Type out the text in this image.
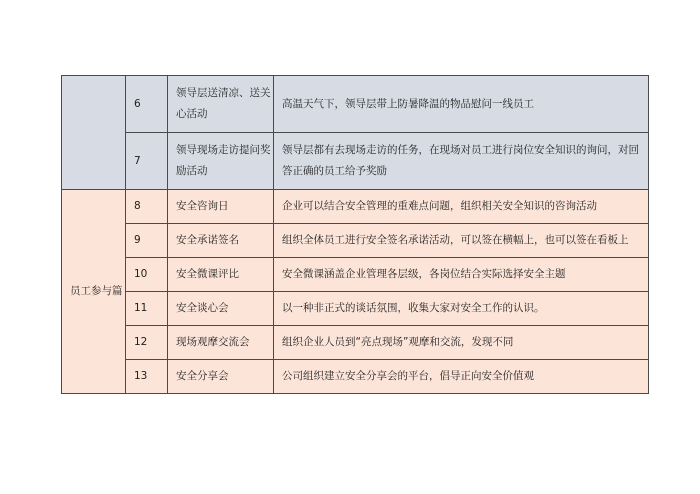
	6	领导层送清凉、送关心活动	高温天气下，领导层带上防暑降温的物品慰问一线员工
	7	领导现场走访提问奖励活动	领导层都有去现场走访的任务，在现场对员工进行岗位安全知识的询问，对回答正确的员工给予奖励
员工参与篇	8	安全咨询日	企业可以结合安全管理的重难点问题，组织相关安全知识的咨询活动
	9	安全承诺签名	组织全体员工进行安全签名承诺活动，可以签在横幅上，也可以签在看板上
	10	安全微课评比	安全微课涵盖企业管理各层级，各岗位结合实际选择安全主题
	11	安全谈心会	以一种非正式的谈话氛围，收集大家对安全工作的认识。
	12	现场观摩交流会	组织企业人员到“亮点现场”观摩和交流，发现不同
	13	安全分享会	公司组织建立安全分享会的平台，倡导正向安全价值观
